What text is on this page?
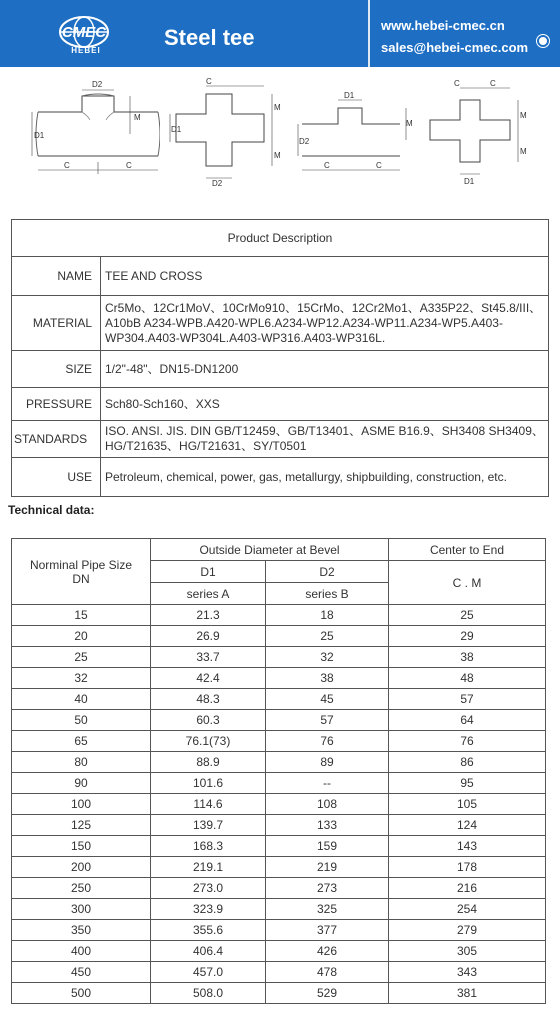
CMEC
HEBEI
Steel tee	www.hebei-cmec.cn
sales@hebei-cmec.com
D2
M
D1
C	C
C
M
M
D1
D2
D1
M
D2
C	C
C	C
M
M
D1
Product Description	
NAME	TEE AND CROSS
MATERIAL	Cr5Mo、12Cr1MoV、10CrMo910、15CrMo、12Cr2Mo1、A335P22、St45.8/III、A10bB A234-WPB.A420-WPL6.A234-WP12.A234-WP11.A234-WP5.A403-WP304.A403-WP304L.A403-WP316.A403-WP316L.
SIZE	1/2"-48"、DN15-DN1200
PRESSURE	Sch80-Sch160、XXS
STANDARDS	ISO. ANSI. JIS. DIN GB/T12459、GB/T13401、ASME B16.9、SH3408 SH3409、HG/T21635、HG/T21631、SY/T0501
USE	Petroleum, chemical, power, gas, metallurgy, shipbuilding, construction, etc.
Technical data:
Norminal Pipe Size
DN	Outside Diameter at Bevel		Center to End
	D1	D2	C . M
	series A	series B	
15	21.3	18	25
20	26.9	25	29
25	33.7	32	38
32	42.4	38	48
40	48.3	45	57
50	60.3	57	64
65	76.1(73)	76	76
80	88.9	89	86
90	101.6	--	95
100	114.6	108	105
125	139.7	133	124
150	168.3	159	143
200	219.1	219	178
250	273.0	273	216
300	323.9	325	254
350	355.6	377	279
400	406.4	426	305
450	457.0	478	343
500	508.0	529	381
